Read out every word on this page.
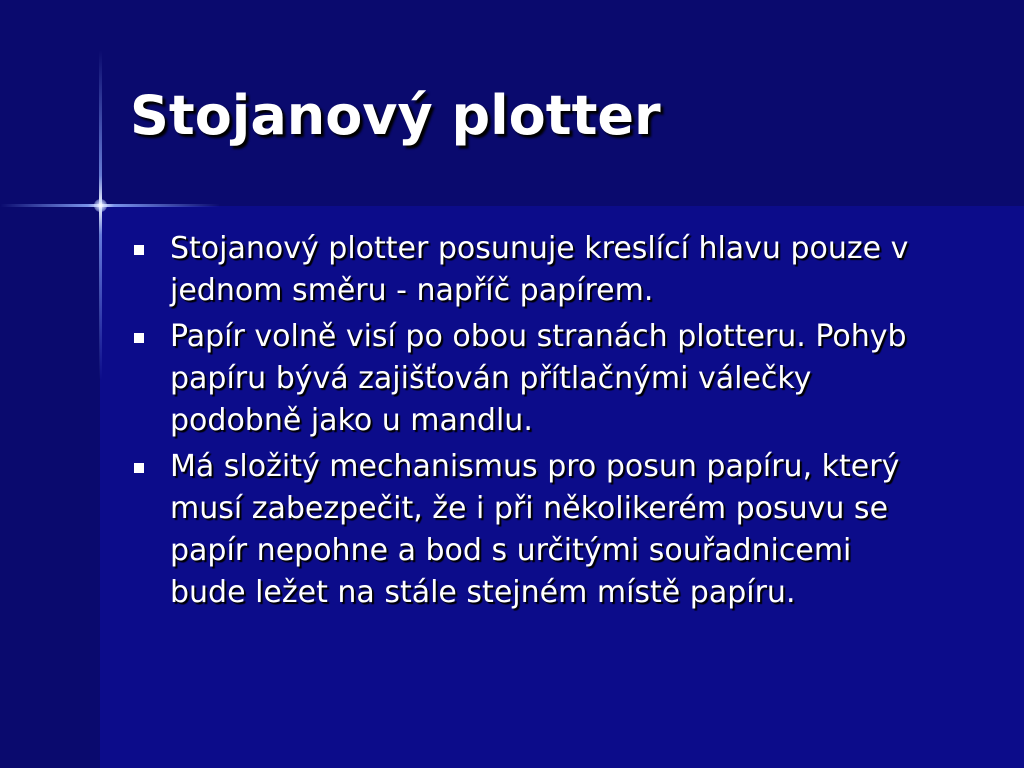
Stojanový plotter
Stojanový plotter posunuje kreslící hlavu pouze v jednom směru - napříč papírem.
Papír volně visí po obou stranách plotteru. Pohyb papíru bývá zajišťován přítlačnými válečky podobně jako u mandlu.
Má složitý mechanismus pro posun papíru, který musí zabezpečit, že i při několikerém posuvu se papír nepohne a bod s určitými souřadnicemi bude ležet na stále stejném místě papíru.
